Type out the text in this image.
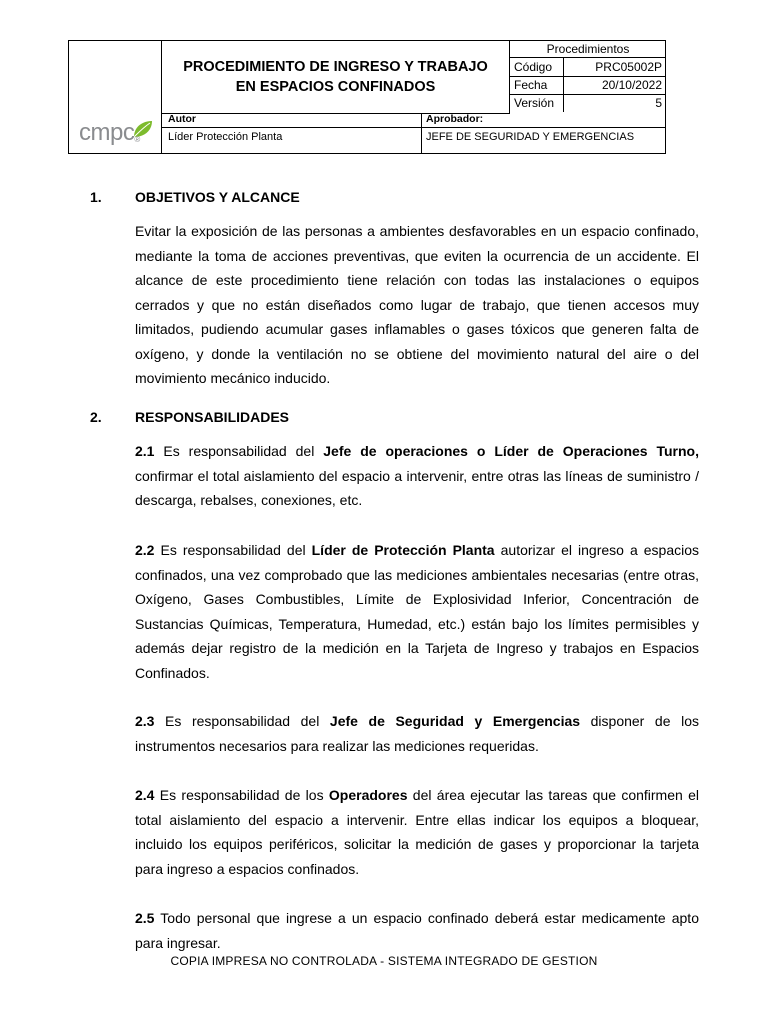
cmpc®
PROCEDIMIENTO DE INGRESO Y TRABAJO
EN ESPACIOS CONFINADOS
Procedimientos
Código	PRC05002P
Fecha	20/10/2022
Versión	5
Autor
Líder Protección Planta
Aprobador:
JEFE DE SEGURIDAD Y EMERGENCIAS
1. OBJETIVOS Y ALCANCE
Evitar la exposición de las personas a ambientes desfavorables en un espacio confinado, mediante la toma de acciones preventivas, que eviten la ocurrencia de un accidente. El alcance de este procedimiento tiene relación con todas las instalaciones o equipos cerrados y que no están diseñados como lugar de trabajo, que tienen accesos muy limitados, pudiendo acumular gases inflamables o gases tóxicos que generen falta de oxígeno, y donde la ventilación no se obtiene del movimiento natural del aire o del movimiento mecánico inducido.
2. RESPONSABILIDADES
2.1 Es responsabilidad del Jefe de operaciones o Líder de Operaciones Turno, confirmar el total aislamiento del espacio a intervenir, entre otras las líneas de suministro / descarga, rebalses, conexiones, etc.
2.2 Es responsabilidad del Líder de Protección Planta autorizar el ingreso a espacios confinados, una vez comprobado que las mediciones ambientales necesarias (entre otras, Oxígeno, Gases Combustibles, Límite de Explosividad Inferior, Concentración de Sustancias Químicas, Temperatura, Humedad, etc.) están bajo los límites permisibles y además dejar registro de la medición en la Tarjeta de Ingreso y trabajos en Espacios Confinados.
2.3 Es responsabilidad del Jefe de Seguridad y Emergencias disponer de los instrumentos necesarios para realizar las mediciones requeridas.
2.4 Es responsabilidad de los Operadores del área ejecutar las tareas que confirmen el total aislamiento del espacio a intervenir. Entre ellas indicar los equipos a bloquear, incluido los equipos periféricos, solicitar la medición de gases y proporcionar la tarjeta para ingreso a espacios confinados.
2.5 Todo personal que ingrese a un espacio confinado deberá estar medicamente apto para ingresar.
COPIA IMPRESA NO CONTROLADA - SISTEMA INTEGRADO DE GESTION
